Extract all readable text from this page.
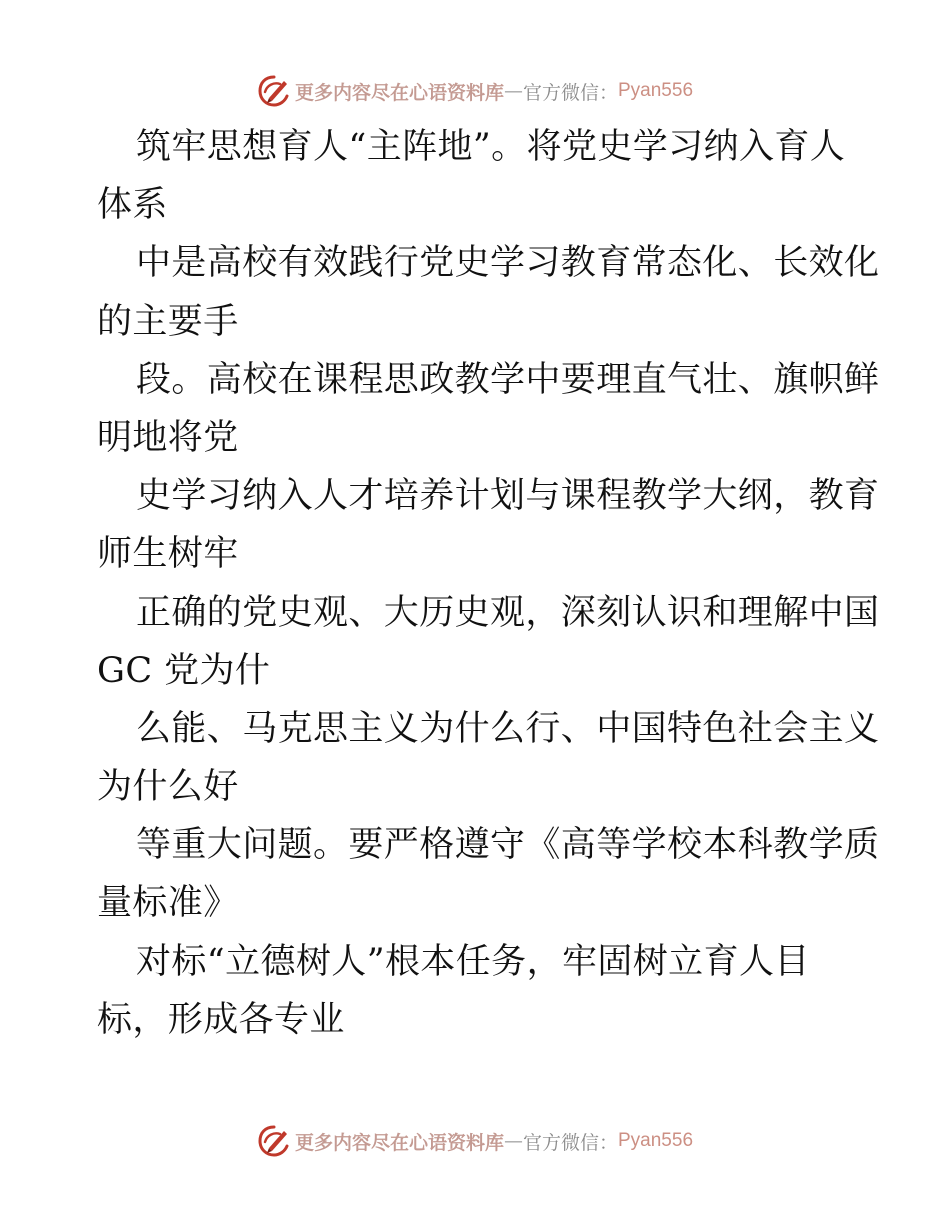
更多内容尽在心语资料库 — 官方微信： Pyan556
筑牢思想育人“主阵地”。将党史学习纳入育人
体系
中是高校有效践行党史学习教育常态化、长效化
的主要手
段。高校在课程思政教学中要理直气壮、旗帜鲜
明地将党
史学习纳入人才培养计划与课程教学大纲，教育
师生树牢
正确的党史观、大历史观，深刻认识和理解中国
GC 党为什
么能、马克思主义为什么行、中国特色社会主义
为什么好
等重大问题。要严格遵守《高等学校本科教学质
量标准》
对标“立德树人”根本任务，牢固树立育人目
标，形成各专业
更多内容尽在心语资料库 — 官方微信： Pyan556
